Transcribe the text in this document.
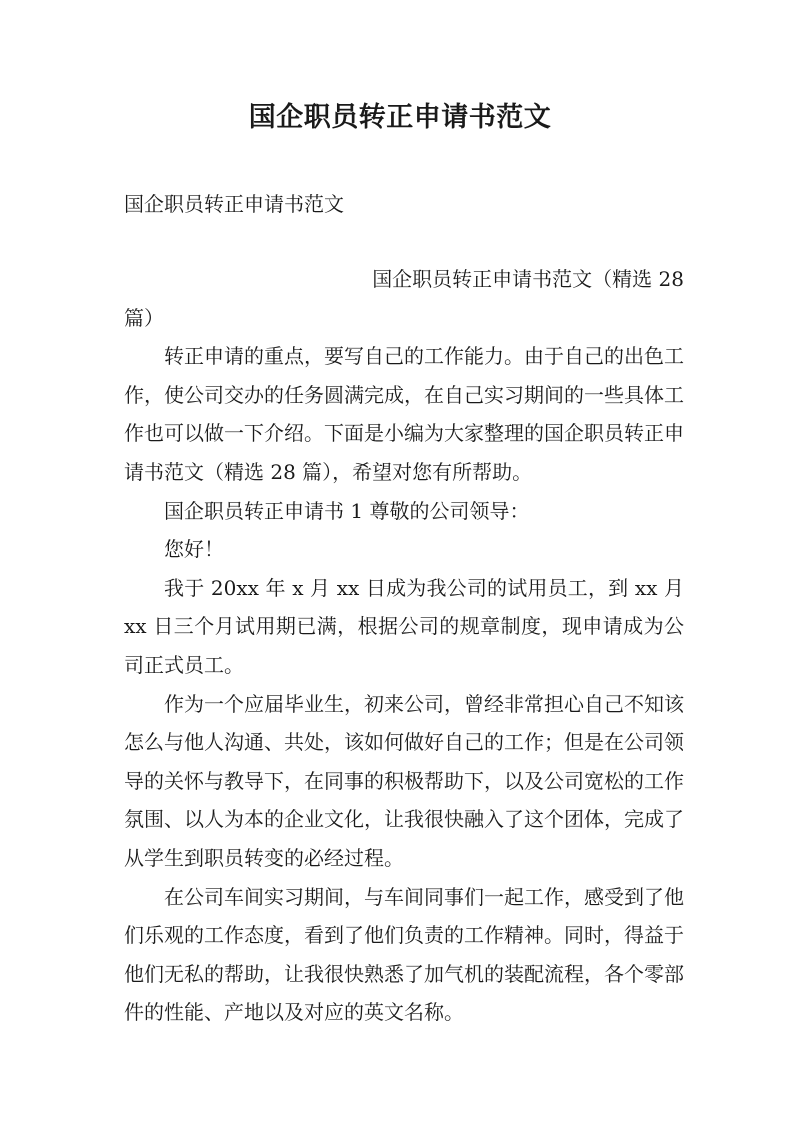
国企职员转正申请书范文
国企职员转正申请书范文

国企职员转正申请书范文（精选 28

篇）

转正申请的重点，要写自己的工作能力。由于自己的出色工作，使公司交办的任务圆满完成，在自己实习期间的一些具体工作也可以做一下介绍。下面是小编为大家整理的国企职员转正申请书范文（精选 28 篇），希望对您有所帮助。

国企职员转正申请书 1 尊敬的公司领导：

您好！

我于 20xx 年 x 月 xx 日成为我公司的试用员工，到 xx 月 xx 日三个月试用期已满，根据公司的规章制度，现申请成为公司正式员工。

作为一个应届毕业生，初来公司，曾经非常担心自己不知该怎么与他人沟通、共处，该如何做好自己的工作；但是在公司领导的关怀与教导下，在同事的积极帮助下，以及公司宽松的工作氛围、以人为本的企业文化，让我很快融入了这个团体，完成了从学生到职员转变的必经过程。

在公司车间实习期间，与车间同事们一起工作，感受到了他们乐观的工作态度，看到了他们负责的工作精神。同时，得益于他们无私的帮助，让我很快熟悉了加气机的装配流程，各个零部件的性能、产地以及对应的英文名称。
